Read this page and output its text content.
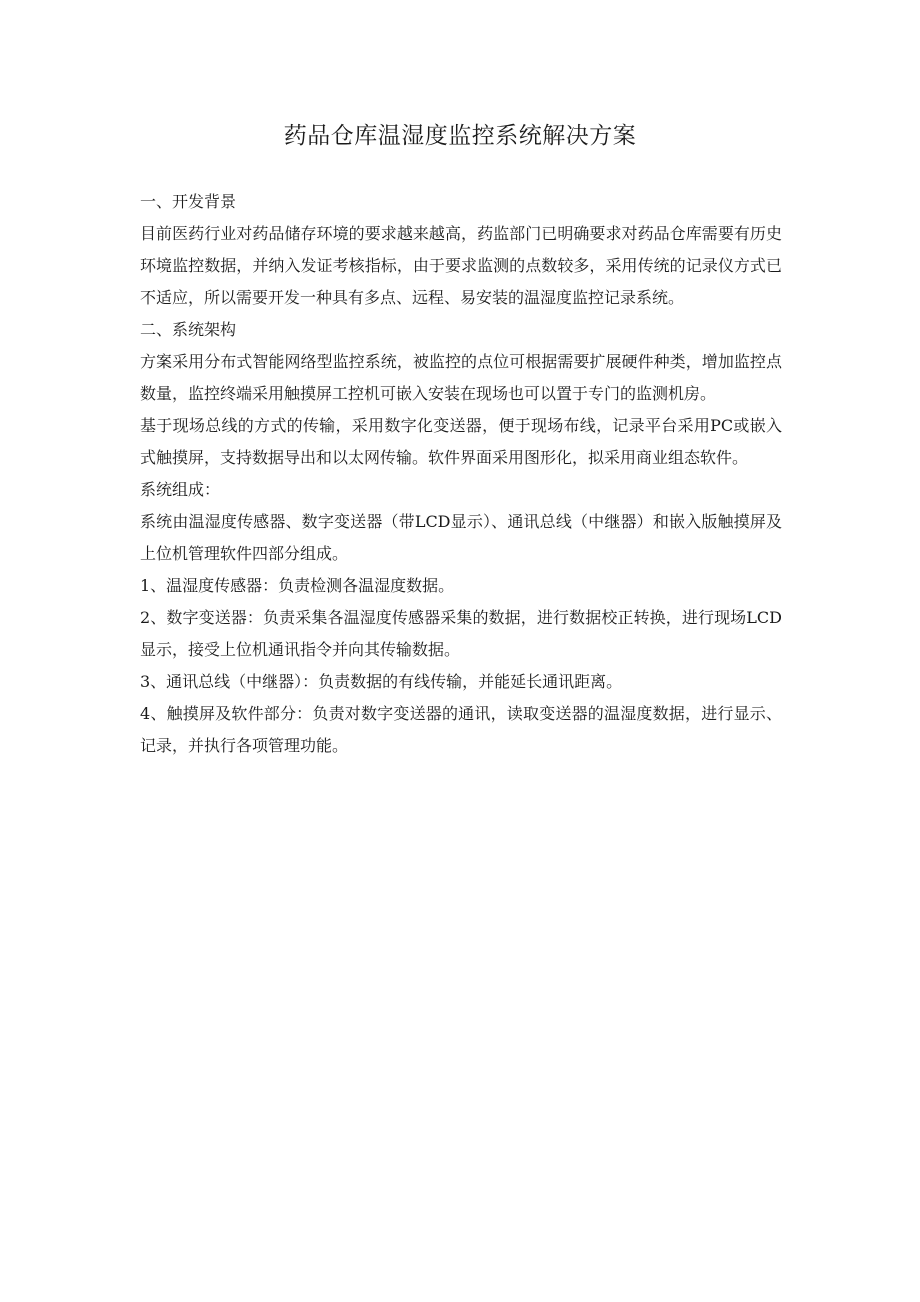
药品仓库温湿度监控系统解决方案

一、开发背景

目前医药行业对药品储存环境的要求越来越高，药监部门已明确要求对药品仓库需要有历史环境监控数据，并纳入发证考核指标，由于要求监测的点数较多，采用传统的记录仪方式已不适应，所以需要开发一种具有多点、远程、易安装的温湿度监控记录系统。

二、系统架构

方案采用分布式智能网络型监控系统，被监控的点位可根据需要扩展硬件种类，增加监控点数量，监控终端采用触摸屏工控机可嵌入安装在现场也可以置于专门的监测机房。

基于现场总线的方式的传输，采用数字化变送器，便于现场布线，记录平台采用PC或嵌入式触摸屏，支持数据导出和以太网传输。软件界面采用图形化，拟采用商业组态软件。

系统组成：

系统由温湿度传感器、数字变送器（带LCD显示）、通讯总线（中继器）和嵌入版触摸屏及上位机管理软件四部分组成。

1、温湿度传感器：负责检测各温湿度数据。

2、数字变送器：负责采集各温湿度传感器采集的数据，进行数据校正转换，进行现场LCD显示，接受上位机通讯指令并向其传输数据。

3、通讯总线（中继器）：负责数据的有线传输，并能延长通讯距离。

4、触摸屏及软件部分：负责对数字变送器的通讯，读取变送器的温湿度数据，进行显示、记录，并执行各项管理功能。
